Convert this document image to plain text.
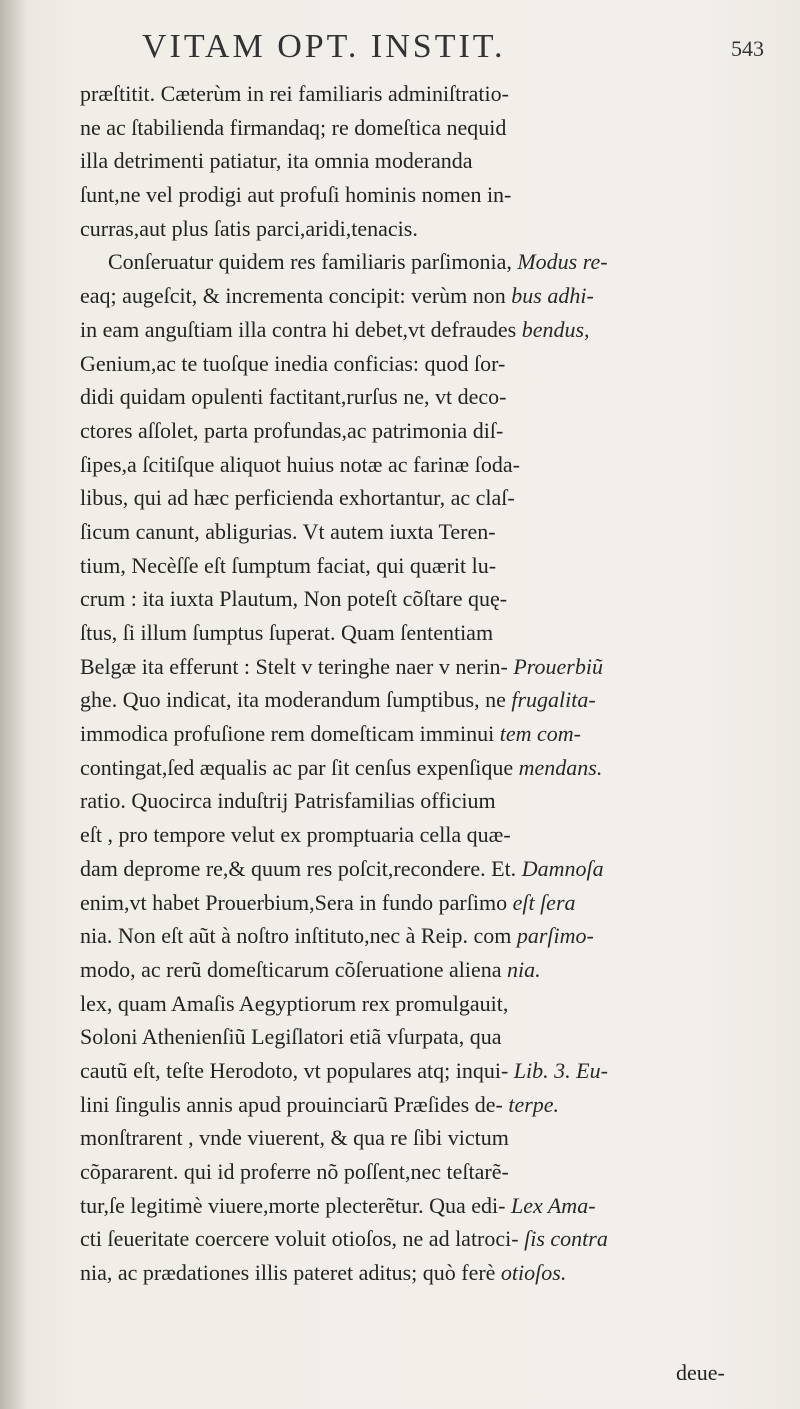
VITAM OPT. INSTIT.	543
præſtitit. Cæterùm in rei familiaris adminiſtratio-
ne ac ſtabilienda firmandaq; re domeſtica nequid
illa detrimenti patiatur, ita omnia moderanda
ſunt,ne vel prodigi aut profuſi hominis nomen in-
curras,aut plus ſatis parci,aridi,tenacis.
Conſeruatur quidem res familiaris parſimonia, Modus re-
eaq; augeſcit, & incrementa concipit: verùm non bus adhi-
in eam anguſtiam illa contra hi debet,vt defraudes bendus,
Genium,ac te tuoſque inedia conficias: quod ſor-
didi quidam opulenti factitant,rurſus ne, vt deco-
ctores aſſolet, parta profundas,ac patrimonia diſ-
ſipes,a ſcitiſque aliquot huius notæ ac farinæ ſoda-
libus, qui ad hæc perficienda exhortantur, ac claſ-
ſicum canunt, abligurias. Vt autem iuxta Teren-
tium, Necèſſe eſt ſumptum faciat, qui quærit lu-
crum : ita iuxta Plautum, Non poteſt cõſtare quę-
ſtus, ſi illum ſumptus ſuperat. Quam ſententiam
Belgæ ita efferunt : Stelt v teringhe naer v nerin- Prouerbiũ
ghe. Quo indicat, ita moderandum ſumptibus, ne frugalita-
immodica profuſione rem domeſticam imminui tem com-
contingat,ſed æqualis ac par ſit cenſus expenſique mendans.
ratio. Quocirca induſtrij Patrisfamilias officium
eſt , pro tempore velut ex promptuaria cella quæ-
dam deprome re,& quum res poſcit,recondere. Et. Damnoſa
enim,vt habet Prouerbium,Sera in fundo parſimo eſt ſera
nia. Non eſt aũt à noſtro inſtituto,nec à Reip. com parſimo-
modo, ac rerũ domeſticarum cõſeruatione aliena nia.
lex, quam Amaſis Aegyptiorum rex promulgauit,
Soloni Athenienſiũ Legiſlatori etiã vſurpata, qua
cautũ eſt, teſte Herodoto, vt populares atq; inqui- Lib. 3. Eu-
lini ſingulis annis apud prouinciarũ Præſides de- terpe.
monſtrarent , vnde viuerent, & qua re ſibi victum
cõpararent. qui id proferre nõ poſſent,nec teſtarẽ-
tur,ſe legitimè viuere,morte plecterẽtur. Qua edi- Lex Ama-
cti ſeueritate coercere voluit otioſos, ne ad latroci- ſis contra
nia, ac prædationes illis pateret aditus; quò ferè otioſos.
deue-
